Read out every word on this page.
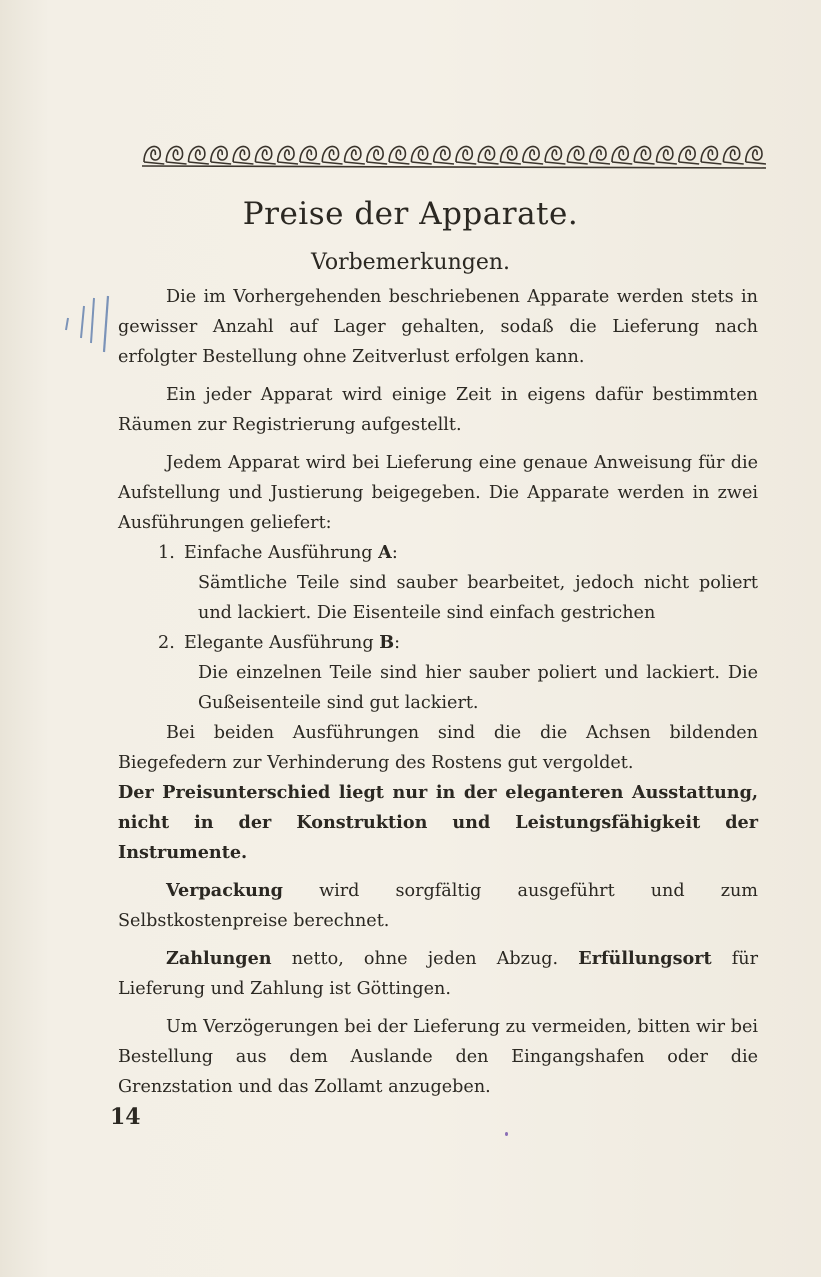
Preise der Apparate.
Vorbemerkungen.

Die im Vorhergehenden beschriebenen Apparate werden stets in gewisser Anzahl auf Lager gehalten, sodaß die Lieferung nach erfolgter Bestellung ohne Zeitverlust erfolgen kann.

Ein jeder Apparat wird einige Zeit in eigens dafür bestimmten Räumen zur Registrierung aufgestellt.

Jedem Apparat wird bei Lieferung eine genaue Anweisung für die Aufstellung und Justierung beigegeben. Die Apparate werden in zwei Ausführungen geliefert:

1. Einfache Ausführung A:

Sämtliche Teile sind sauber bearbeitet, jedoch nicht poliert und lackiert. Die Eisenteile sind einfach gestrichen

2. Elegante Ausführung B:

Die einzelnen Teile sind hier sauber poliert und lackiert. Die Gußeisenteile sind gut lackiert.

Bei beiden Ausführungen sind die die Achsen bildenden Biegefedern zur Verhinderung des Rostens gut vergoldet.

Der Preisunterschied liegt nur in der eleganteren Ausstattung, nicht in der Konstruktion und Leistungsfähigkeit der Instrumente.

Verpackung wird sorgfältig ausgeführt und zum Selbstkostenpreise berechnet.

Zahlungen netto, ohne jeden Abzug. Erfüllungsort für Lieferung und Zahlung ist Göttingen.

Um Verzögerungen bei der Lieferung zu vermeiden, bitten wir bei Bestellung aus dem Auslande den Eingangshafen oder die Grenzstation und das Zollamt anzugeben.

14
